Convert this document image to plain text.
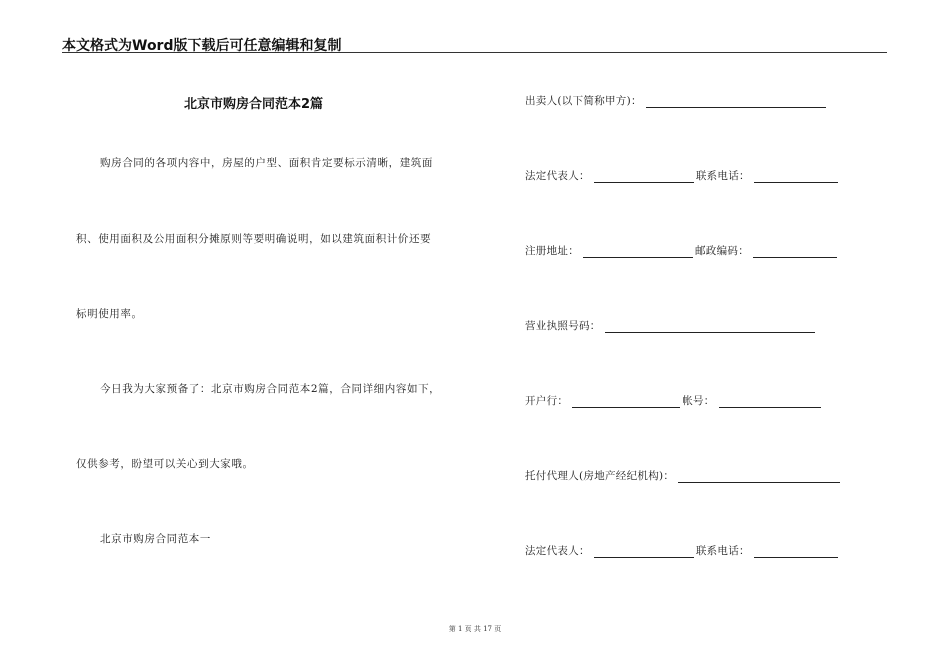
本文格式为Word版下载后可任意编辑和复制
北京市购房合同范本2篇
购房合同的各项内容中，房屋的户型、面积肯定要标示清晰，建筑面
积、使用面积及公用面积分摊原则等要明确说明，如以建筑面积计价还要
标明使用率。
今日我为大家预备了：北京市购房合同范本2篇，合同详细内容如下，
仅供参考，盼望可以关心到大家哦。
北京市购房合同范本一
出卖人(以下简称甲方)：
法定代表人：	联系电话：
注册地址：	邮政编码：
营业执照号码：
开户行：	帐号：
托付代理人(房地产经纪机构)：
法定代表人：	联系电话：
第 1 页 共 17 页
